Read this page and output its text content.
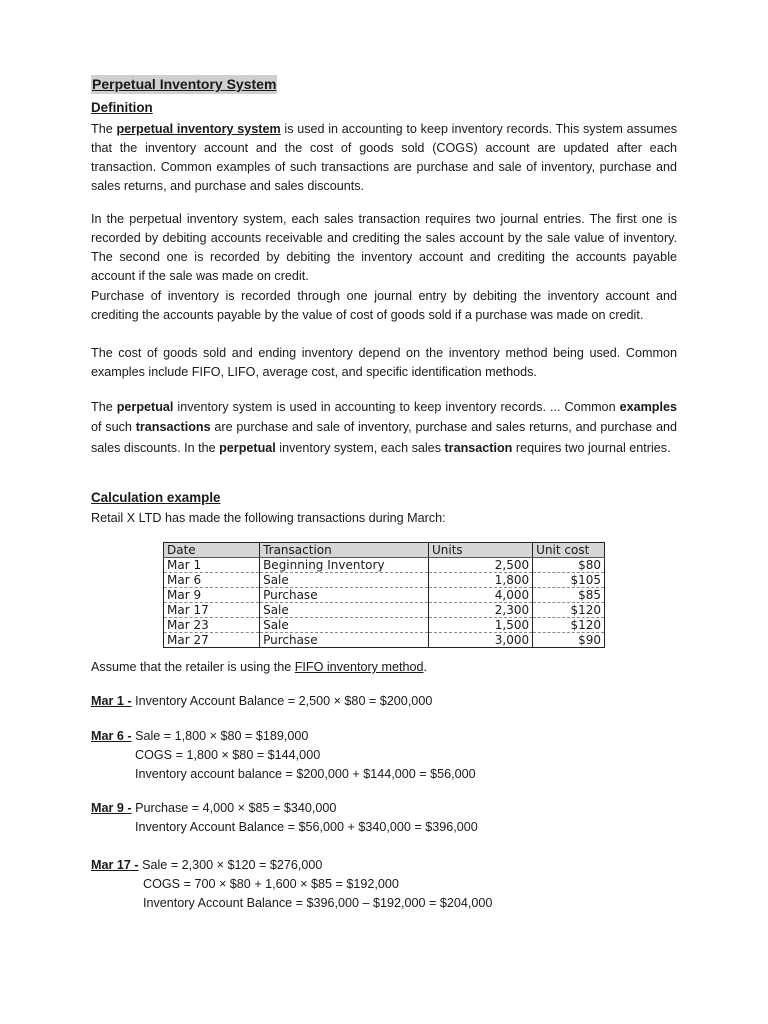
Perpetual Inventory System
Definition
The perpetual inventory system is used in accounting to keep inventory records. This system assumes that the inventory account and the cost of goods sold (COGS) account are updated after each transaction. Common examples of such transactions are purchase and sale of inventory, purchase and sales returns, and purchase and sales discounts.
In the perpetual inventory system, each sales transaction requires two journal entries. The first one is recorded by debiting accounts receivable and crediting the sales account by the sale value of inventory. The second one is recorded by debiting the inventory account and crediting the accounts payable account if the sale was made on credit.
Purchase of inventory is recorded through one journal entry by debiting the inventory account and crediting the accounts payable by the value of cost of goods sold if a purchase was made on credit.
The cost of goods sold and ending inventory depend on the inventory method being used. Common examples include FIFO, LIFO, average cost, and specific identification methods.
The perpetual inventory system is used in accounting to keep inventory records. ... Common examples of such transactions are purchase and sale of inventory, purchase and sales returns, and purchase and sales discounts. In the perpetual inventory system, each sales transaction requires two journal entries.
Calculation example
Retail X LTD has made the following transactions during March:
Date	Transaction	Units	Unit cost
Mar 1	Beginning Inventory	2,500	$80
Mar 6	Sale	1,800	$105
Mar 9	Purchase	4,000	$85
Mar 17	Sale	2,300	$120
Mar 23	Sale	1,500	$120
Mar 27	Purchase	3,000	$90
Assume that the retailer is using the FIFO inventory method.
Mar 1 - Inventory Account Balance = 2,500 × $80 = $200,000
Mar 6 - Sale = 1,800 × $80 = $189,000
COGS = 1,800 × $80 = $144,000
Inventory account balance = $200,000 + $144,000 = $56,000
Mar 9 - Purchase = 4,000 × $85 = $340,000
Inventory Account Balance = $56,000 + $340,000 = $396,000
Mar 17 - Sale = 2,300 × $120 = $276,000
COGS = 700 × $80 + 1,600 × $85 = $192,000
Inventory Account Balance = $396,000 – $192,000 = $204,000
